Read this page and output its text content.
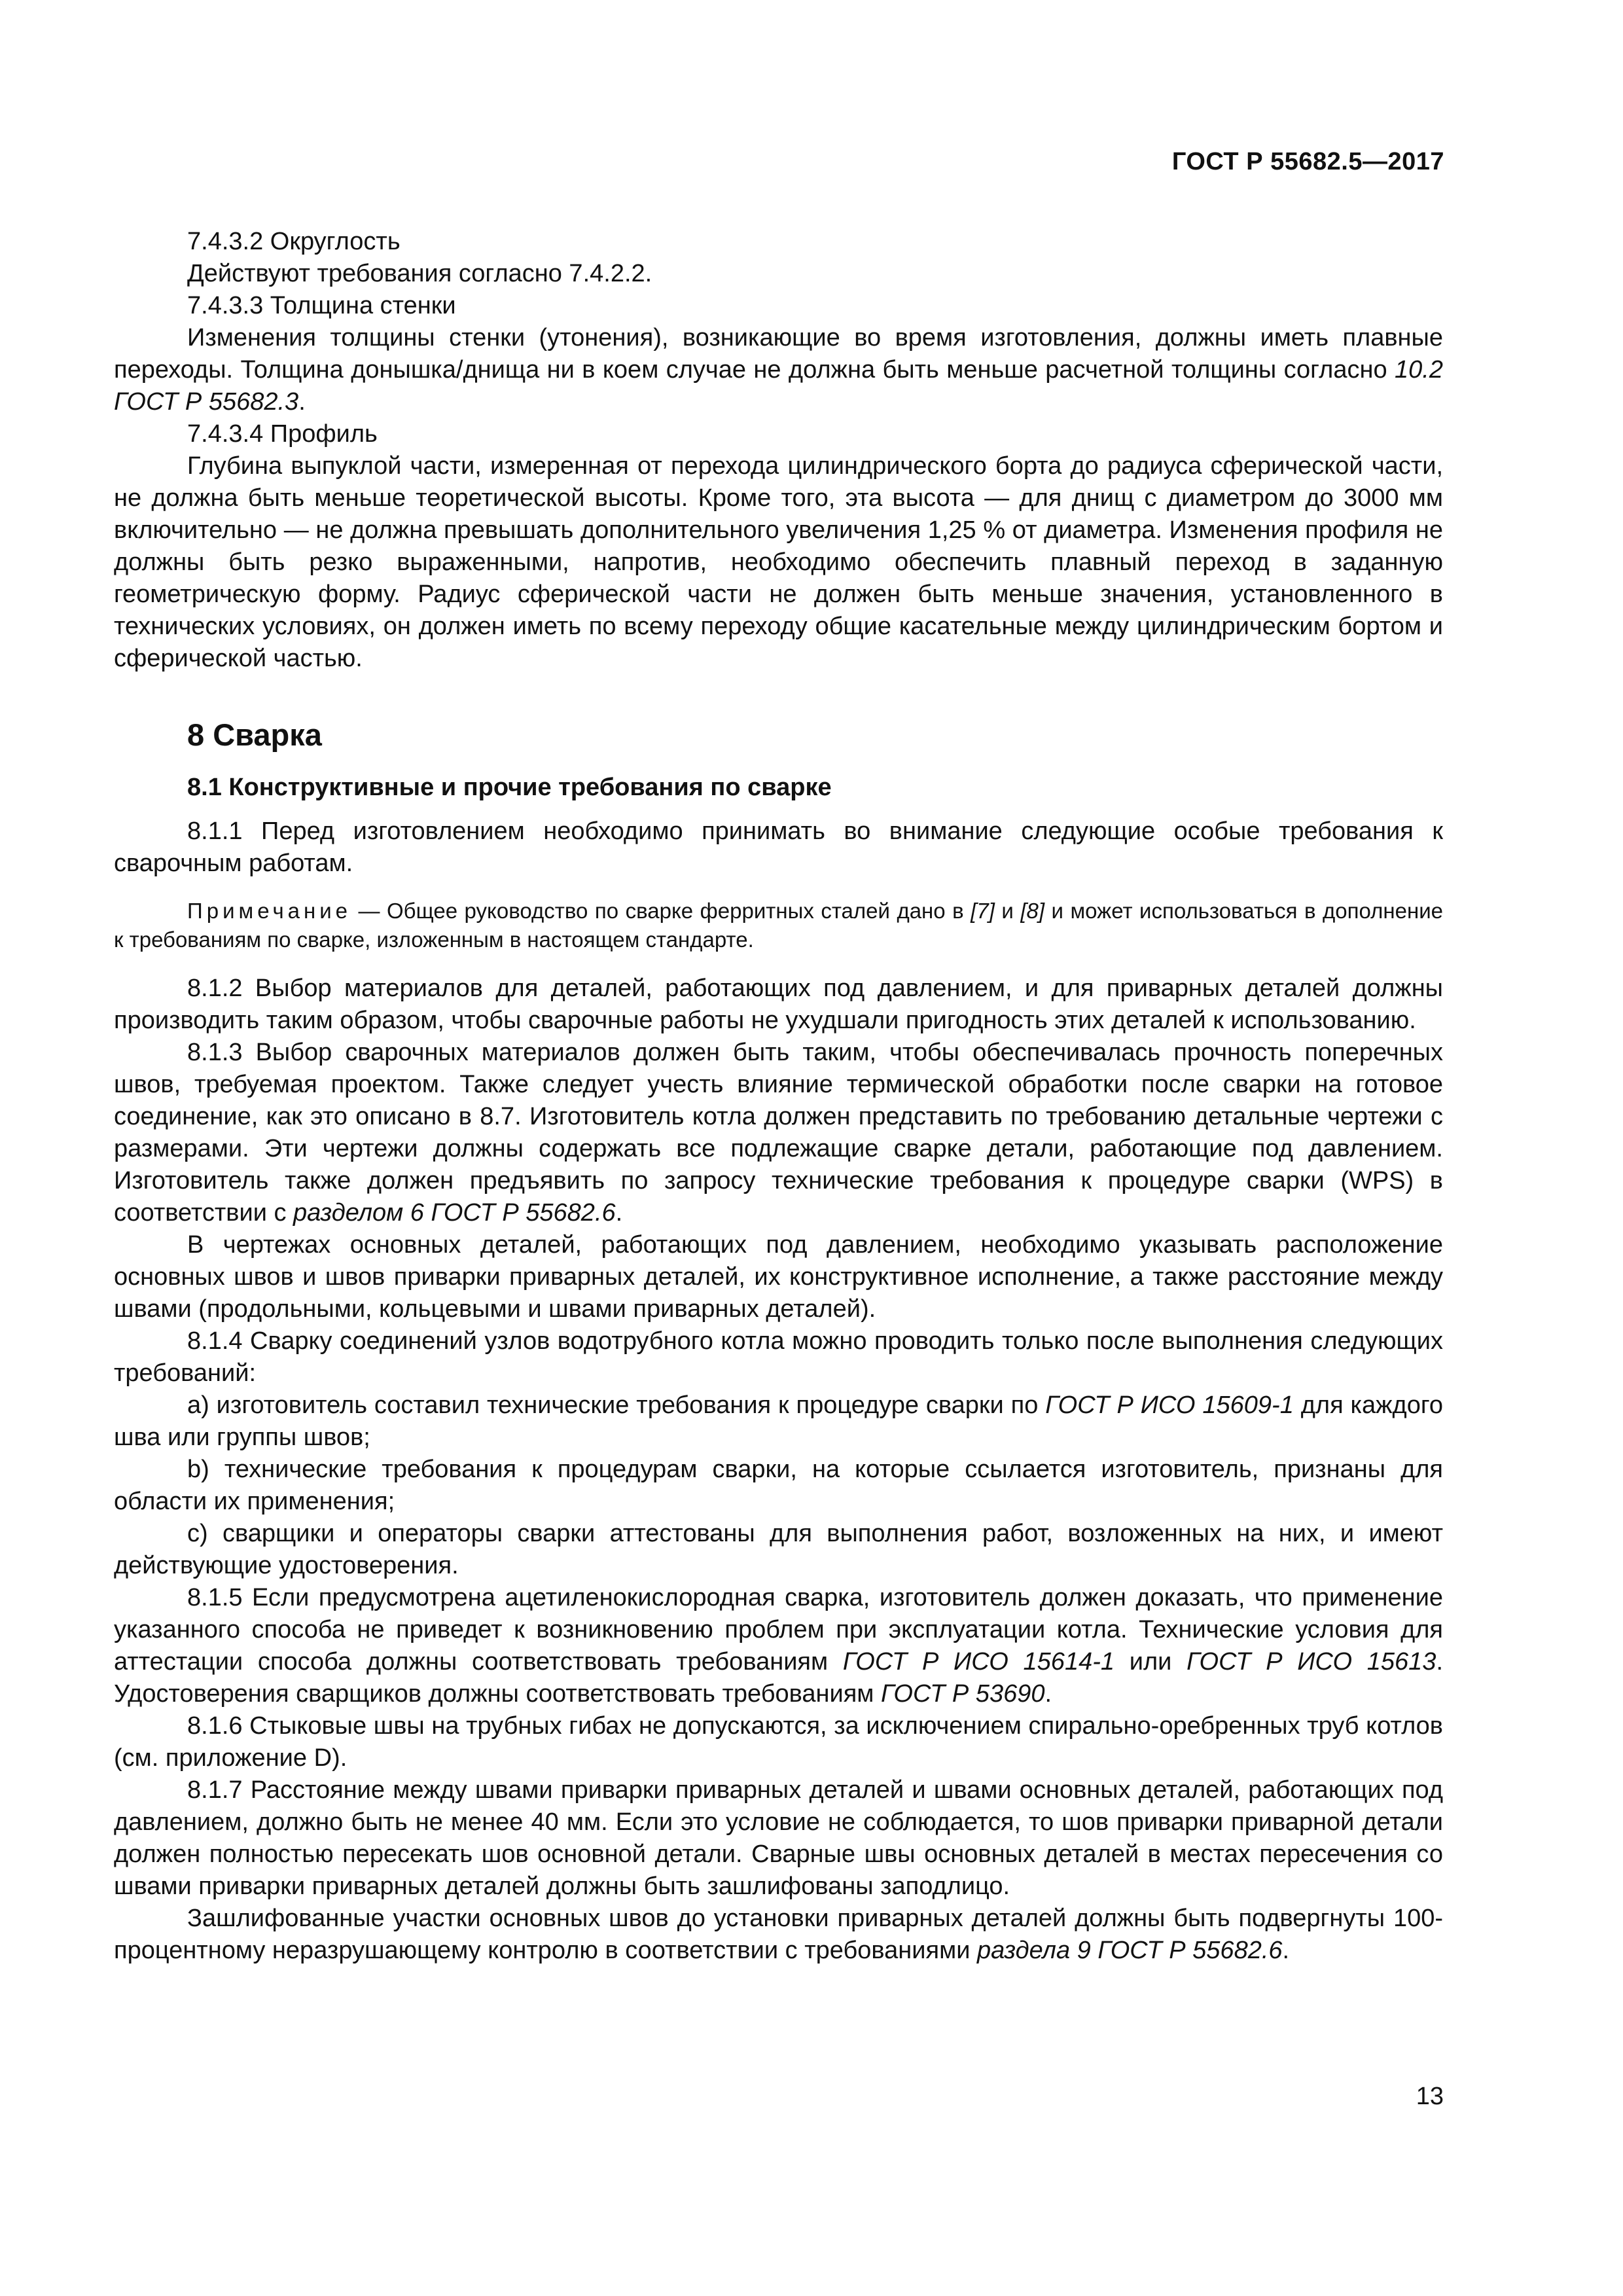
ГОСТ Р 55682.5—2017

7.4.3.2 Округлость

Действуют требования согласно 7.4.2.2.

7.4.3.3 Толщина стенки

Изменения толщины стенки (утонения), возникающие во время изготовления, должны иметь плавные переходы. Толщина донышка/днища ни в коем случае не должна быть меньше расчетной толщины согласно 10.2 ГОСТ Р 55682.3.

7.4.3.4 Профиль

Глубина выпуклой части, измеренная от перехода цилиндрического борта до радиуса сферической части, не должна быть меньше теоретической высоты. Кроме того, эта высота — для днищ с диаметром до 3000 мм включительно — не должна превышать дополнительного увеличения 1,25 % от диаметра. Изменения профиля не должны быть резко выраженными, напротив, необходимо обеспечить плавный переход в заданную геометрическую форму. Радиус сферической части не должен быть меньше значения, установленного в технических условиях, он должен иметь по всему переходу общие касательные между цилиндрическим бортом и сферической частью.

8 Сварка
8.1 Конструктивные и прочие требования по сварке

8.1.1 Перед изготовлением необходимо принимать во внимание следующие особые требования к сварочным работам.

Примечание — Общее руководство по сварке ферритных сталей дано в [7] и [8] и может использоваться в дополнение к требованиям по сварке, изложенным в настоящем стандарте.

8.1.2 Выбор материалов для деталей, работающих под давлением, и для приварных деталей должны производить таким образом, чтобы сварочные работы не ухудшали пригодность этих деталей к использованию.

8.1.3 Выбор сварочных материалов должен быть таким, чтобы обеспечивалась прочность поперечных швов, требуемая проектом. Также следует учесть влияние термической обработки после сварки на готовое соединение, как это описано в 8.7. Изготовитель котла должен представить по требованию детальные чертежи с размерами. Эти чертежи должны содержать все подлежащие сварке детали, работающие под давлением. Изготовитель также должен предъявить по запросу технические требования к процедуре сварки (WPS) в соответствии с разделом 6 ГОСТ Р 55682.6.

В чертежах основных деталей, работающих под давлением, необходимо указывать расположение основных швов и швов приварки приварных деталей, их конструктивное исполнение, а также расстояние между швами (продольными, кольцевыми и швами приварных деталей).

8.1.4 Сварку соединений узлов водотрубного котла можно проводить только после выполнения следующих требований:

а) изготовитель составил технические требования к процедуре сварки по ГОСТ Р ИСО 15609-1 для каждого шва или группы швов;

b) технические требования к процедурам сварки, на которые ссылается изготовитель, признаны для области их применения;

с) сварщики и операторы сварки аттестованы для выполнения работ, возложенных на них, и имеют действующие удостоверения.

8.1.5 Если предусмотрена ацетиленокислородная сварка, изготовитель должен доказать, что применение указанного способа не приведет к возникновению проблем при эксплуатации котла. Технические условия для аттестации способа должны соответствовать требованиям ГОСТ Р ИСО 15614-1 или ГОСТ Р ИСО 15613. Удостоверения сварщиков должны соответствовать требованиям ГОСТ Р 53690.

8.1.6 Стыковые швы на трубных гибах не допускаются, за исключением спирально-оребренных труб котлов (см. приложение D).

8.1.7 Расстояние между швами приварки приварных деталей и швами основных деталей, работающих под давлением, должно быть не менее 40 мм. Если это условие не соблюдается, то шов приварки приварной детали должен полностью пересекать шов основной детали. Сварные швы основных деталей в местах пересечения со швами приварки приварных деталей должны быть зашлифованы заподлицо.

Зашлифованные участки основных швов до установки приварных деталей должны быть подвергнуты 100-процентному неразрушающему контролю в соответствии с требованиями раздела 9 ГОСТ Р 55682.6.

13
